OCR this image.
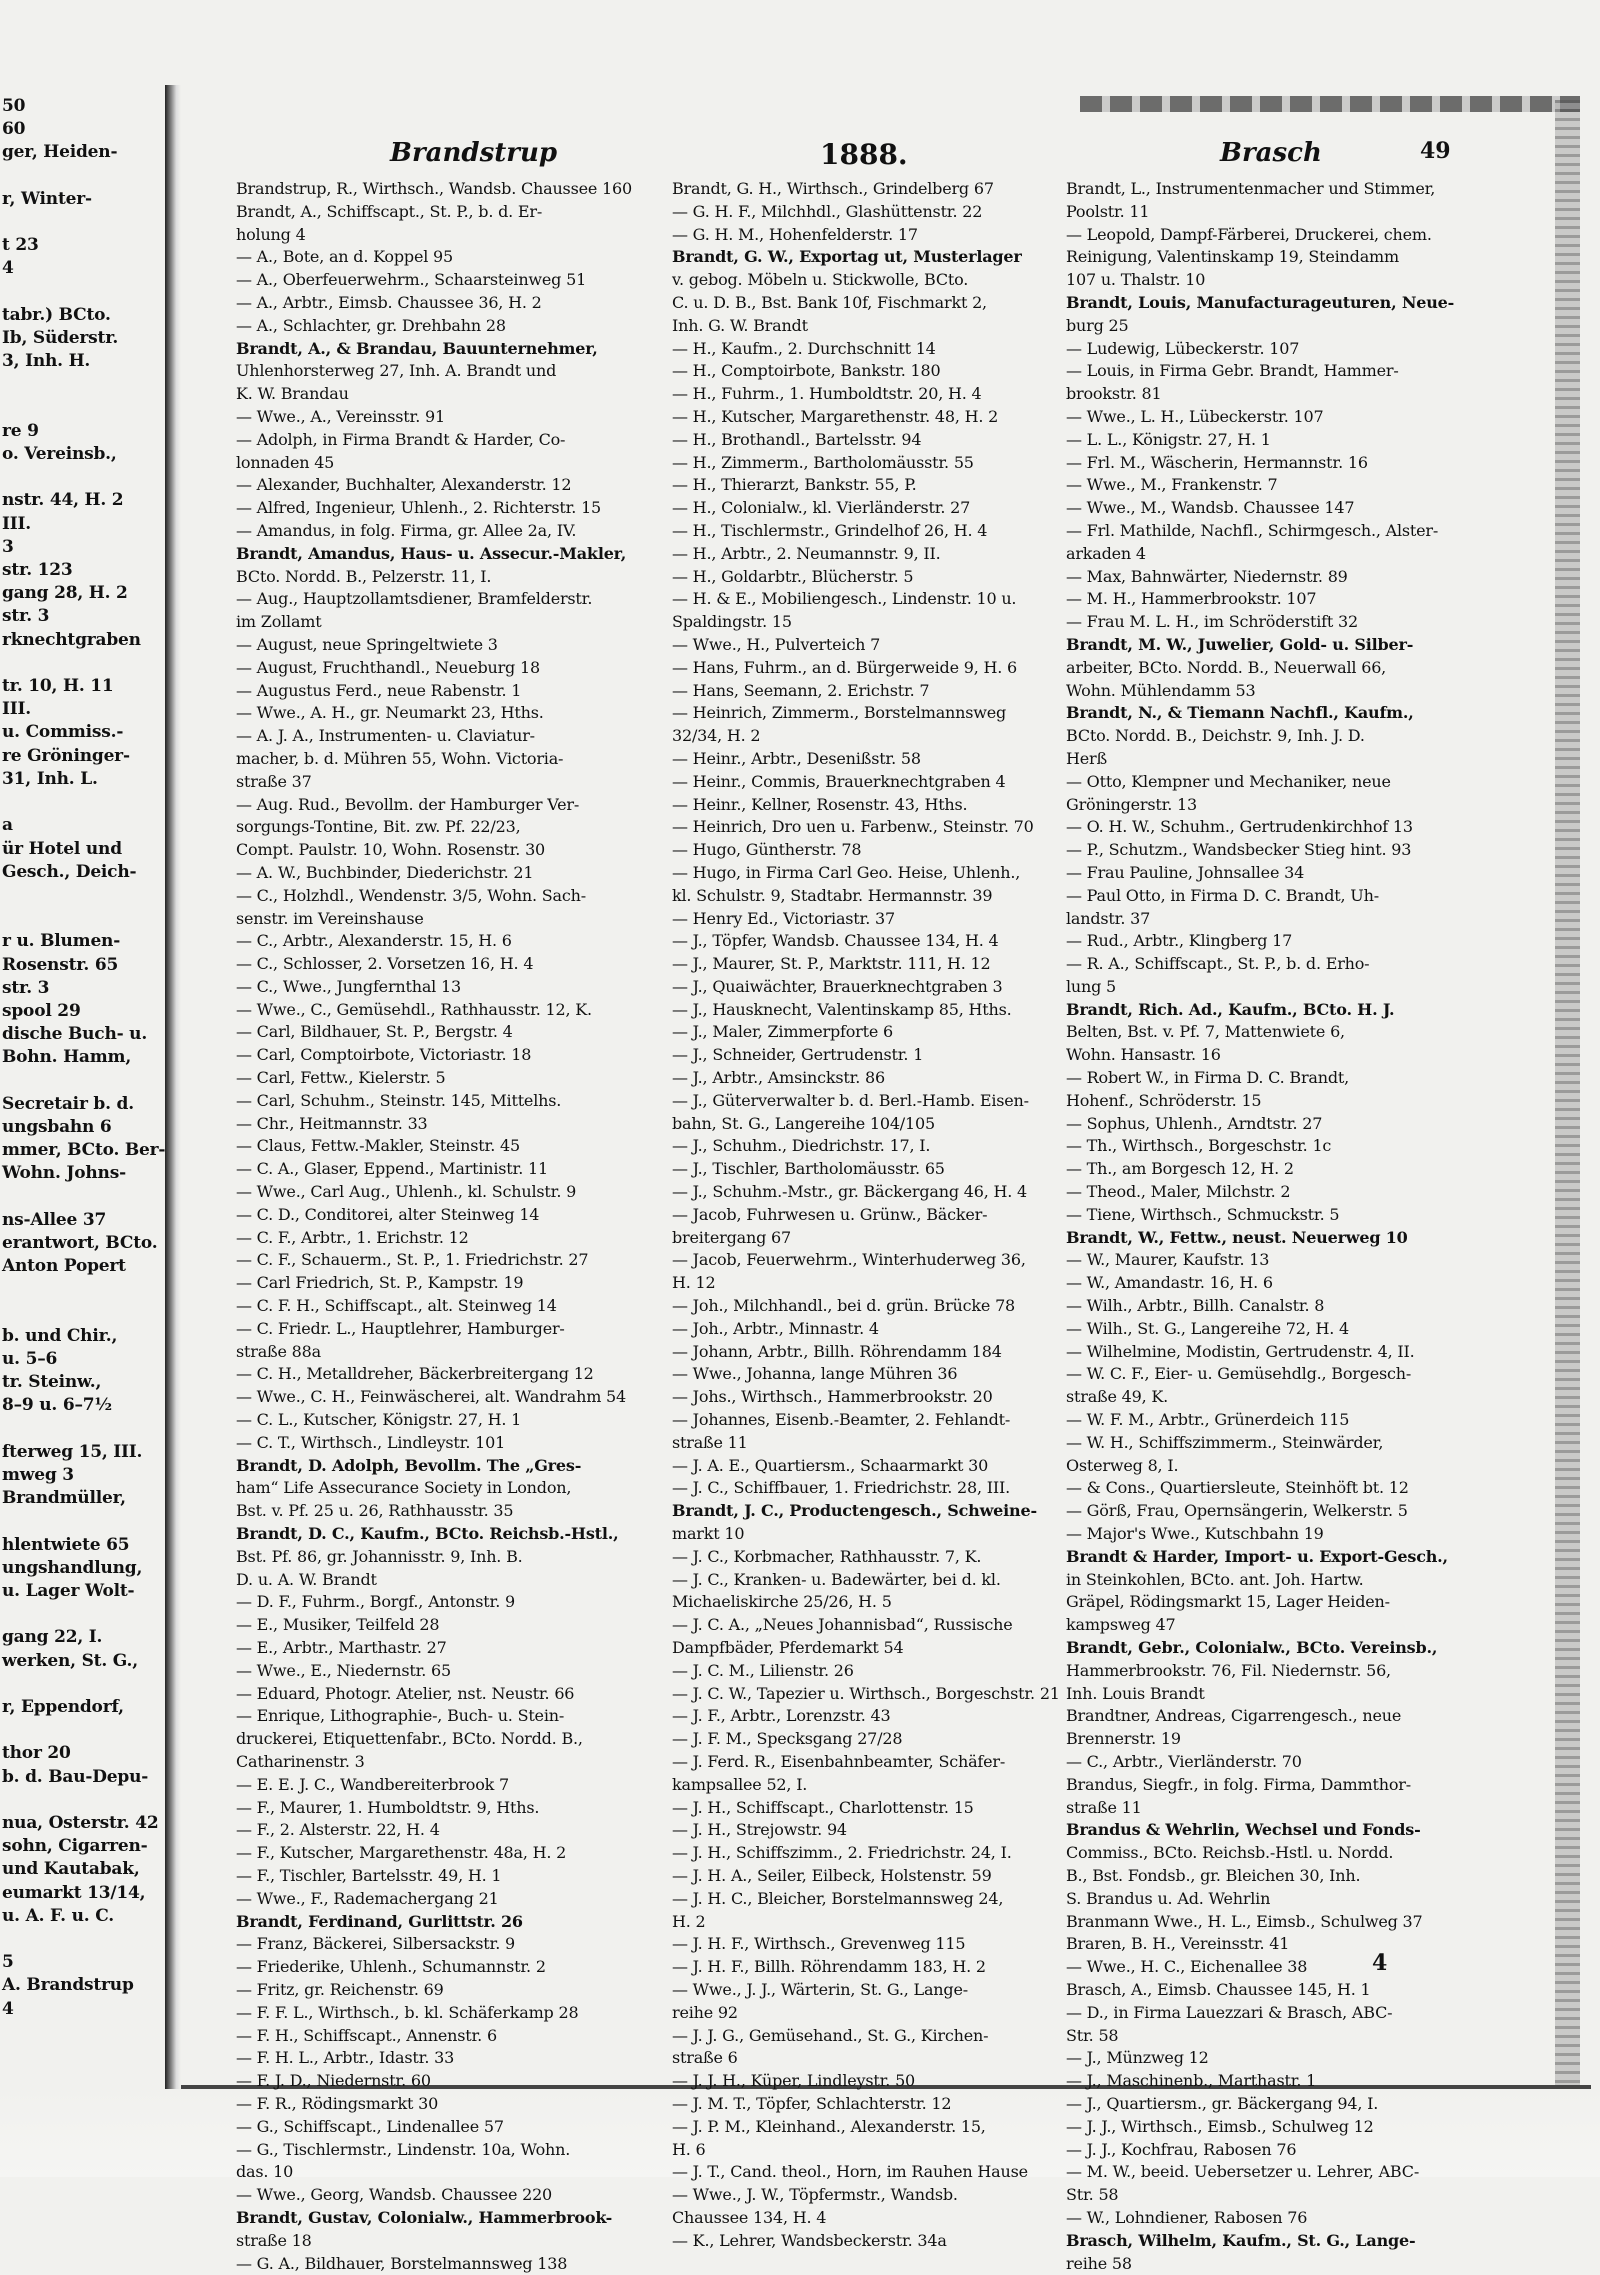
50
60
ger, Heiden-

r, Winter-

t 23
4

tabr.) BCto.
Ib, Süderstr.
3, Inh. H.

re 9
o. Vereinsb.,

nstr. 44, H. 2
III.
3
str. 123
gang 28, H. 2
str. 3
rknechtgraben

tr. 10, H. 11
III.
u. Commiss.-
re Gröninger-
31, Inh. L.

a
ür Hotel und
Gesch., Deich-

r u. Blumen-
Rosenstr. 65
str. 3
spool 29
dische Buch- u.
Bohn. Hamm,

Secretair b. d.
ungsbahn 6
mmer, BCto. Ber-
Wohn. Johns-

ns-Allee 37
erantwort, BCto.
Anton Popert

b. und Chir.,
u. 5–6
tr. Steinw.,
8–9 u. 6–7½

fterweg 15, III.
mweg 3
Brandmüller,

hlentwiete 65
ungshandlung,
u. Lager Wolt-

gang 22, I.
werken, St. G.,

r, Eppendorf,

thor 20
b. d. Bau-Depu-

nua, Osterstr. 42
sohn, Cigarren-
und Kautabak,
eumarkt 13/14,
u. A. F. u. C.

5
A. Brandstrup
4
Brandstrup	1888.	Brasch	49
Brandstrup, R., Wirthsch., Wandsb. Chaussee 160
Brandt, A., Schiffscapt., St. P., b. d. Er-
holung 4
— A., Bote, an d. Koppel 95
— A., Oberfeuerwehrm., Schaarsteinweg 51
— A., Arbtr., Eimsb. Chaussee 36, H. 2
— A., Schlachter, gr. Drehbahn 28
Brandt, A., & Brandau, Bauunternehmer,
Uhlenhorsterweg 27, Inh. A. Brandt und
K. W. Brandau
— Wwe., A., Vereinsstr. 91
— Adolph, in Firma Brandt & Harder, Co-
lonnaden 45
— Alexander, Buchhalter, Alexanderstr. 12
— Alfred, Ingenieur, Uhlenh., 2. Richterstr. 15
— Amandus, in folg. Firma, gr. Allee 2a, IV.
Brandt, Amandus, Haus- u. Assecur.-Makler,
BCto. Nordd. B., Pelzerstr. 11, I.
— Aug., Hauptzollamtsdiener, Bramfelderstr.
im Zollamt
— August, neue Springeltwiete 3
— August, Fruchthandl., Neueburg 18
— Augustus Ferd., neue Rabenstr. 1
— Wwe., A. H., gr. Neumarkt 23, Hths.
— A. J. A., Instrumenten- u. Claviatur-
macher, b. d. Mühren 55, Wohn. Victoria-
straße 37
— Aug. Rud., Bevollm. der Hamburger Ver-
sorgungs-Tontine, Bit. zw. Pf. 22/23,
Compt. Paulstr. 10, Wohn. Rosenstr. 30
— A. W., Buchbinder, Diederichstr. 21
— C., Holzhdl., Wendenstr. 3/5, Wohn. Sach-
senstr. im Vereinshause
— C., Arbtr., Alexanderstr. 15, H. 6
— C., Schlosser, 2. Vorsetzen 16, H. 4
— C., Wwe., Jungfernthal 13
— Wwe., C., Gemüsehdl., Rathhausstr. 12, K.
— Carl, Bildhauer, St. P., Bergstr. 4
— Carl, Comptoirbote, Victoriastr. 18
— Carl, Fettw., Kielerstr. 5
— Carl, Schuhm., Steinstr. 145, Mittelhs.
— Chr., Heitmannstr. 33
— Claus, Fettw.-Makler, Steinstr. 45
— C. A., Glaser, Eppend., Martinistr. 11
— Wwe., Carl Aug., Uhlenh., kl. Schulstr. 9
— C. D., Conditorei, alter Steinweg 14
— C. F., Arbtr., 1. Erichstr. 12
— C. F., Schauerm., St. P., 1. Friedrichstr. 27
— Carl Friedrich, St. P., Kampstr. 19
— C. F. H., Schiffscapt., alt. Steinweg 14
— C. Friedr. L., Hauptlehrer, Hamburger-
straße 88a
— C. H., Metalldreher, Bäckerbreitergang 12
— Wwe., C. H., Feinwäscherei, alt. Wandrahm 54
— C. L., Kutscher, Königstr. 27, H. 1
— C. T., Wirthsch., Lindleystr. 101
Brandt, D. Adolph, Bevollm. The „Gres-
ham“ Life Assecurance Society in London,
Bst. v. Pf. 25 u. 26, Rathhausstr. 35
Brandt, D. C., Kaufm., BCto. Reichsb.-Hstl.,
Bst. Pf. 86, gr. Johannisstr. 9, Inh. B.
D. u. A. W. Brandt
— D. F., Fuhrm., Borgf., Antonstr. 9
— E., Musiker, Teilfeld 28
— E., Arbtr., Marthastr. 27
— Wwe., E., Niedernstr. 65
— Eduard, Photogr. Atelier, nst. Neustr. 66
— Enrique, Lithographie-, Buch- u. Stein-
druckerei, Etiquettenfabr., BCto. Nordd. B.,
Catharinenstr. 3
— E. E. J. C., Wandbereiterbrook 7
— F., Maurer, 1. Humboldtstr. 9, Hths.
— F., 2. Alsterstr. 22, H. 4
— F., Kutscher, Margarethenstr. 48a, H. 2
— F., Tischler, Bartelsstr. 49, H. 1
— Wwe., F., Rademachergang 21
Brandt, Ferdinand, Gurlittstr. 26
— Franz, Bäckerei, Silbersackstr. 9
— Friederike, Uhlenh., Schumannstr. 2
— Fritz, gr. Reichenstr. 69
— F. F. L., Wirthsch., b. kl. Schäferkamp 28
— F. H., Schiffscapt., Annenstr. 6
— F. H. L., Arbtr., Idastr. 33
— F. J. D., Niedernstr. 60
— F. R., Rödingsmarkt 30
— G., Schiffscapt., Lindenallee 57
— G., Tischlermstr., Lindenstr. 10a, Wohn.
das. 10
— Wwe., Georg, Wandsb. Chaussee 220
Brandt, Gustav, Colonialw., Hammerbrook-
straße 18
— G. A., Bildhauer, Borstelmannsweg 138
Brandt, G. H., Wirthsch., Grindelberg 67
— G. H. F., Milchhdl., Glashüttenstr. 22
— G. H. M., Hohenfelderstr. 17
Brandt, G. W., Exportag ut, Musterlager
v. gebog. Möbeln u. Stickwolle, BCto.
C. u. D. B., Bst. Bank 10f, Fischmarkt 2,
Inh. G. W. Brandt
— H., Kaufm., 2. Durchschnitt 14
— H., Comptoirbote, Bankstr. 180
— H., Fuhrm., 1. Humboldtstr. 20, H. 4
— H., Kutscher, Margarethenstr. 48, H. 2
— H., Brothandl., Bartelsstr. 94
— H., Zimmerm., Bartholomäusstr. 55
— H., Thierarzt, Bankstr. 55, P.
— H., Colonialw., kl. Vierländerstr. 27
— H., Tischlermstr., Grindelhof 26, H. 4
— H., Arbtr., 2. Neumannstr. 9, II.
— H., Goldarbtr., Blücherstr. 5
— H. & E., Mobiliengesch., Lindenstr. 10 u.
Spaldingstr. 15
— Wwe., H., Pulverteich 7
— Hans, Fuhrm., an d. Bürgerweide 9, H. 6
— Hans, Seemann, 2. Erichstr. 7
— Heinrich, Zimmerm., Borstelmannsweg
32/34, H. 2
— Heinr., Arbtr., Desenißstr. 58
— Heinr., Commis, Brauerknechtgraben 4
— Heinr., Kellner, Rosenstr. 43, Hths.
— Heinrich, Dro uen u. Farbenw., Steinstr. 70
— Hugo, Güntherstr. 78
— Hugo, in Firma Carl Geo. Heise, Uhlenh.,
kl. Schulstr. 9, Stadtabr. Hermannstr. 39
— Henry Ed., Victoriastr. 37
— J., Töpfer, Wandsb. Chaussee 134, H. 4
— J., Maurer, St. P., Marktstr. 111, H. 12
— J., Quaiwächter, Brauerknechtgraben 3
— J., Hausknecht, Valentinskamp 85, Hths.
— J., Maler, Zimmerpforte 6
— J., Schneider, Gertrudenstr. 1
— J., Arbtr., Amsinckstr. 86
— J., Güterverwalter b. d. Berl.-Hamb. Eisen-
bahn, St. G., Langereihe 104/105
— J., Schuhm., Diedrichstr. 17, I.
— J., Tischler, Bartholomäusstr. 65
— J., Schuhm.-Mstr., gr. Bäckergang 46, H. 4
— Jacob, Fuhrwesen u. Grünw., Bäcker-
breitergang 67
— Jacob, Feuerwehrm., Winterhuderweg 36,
H. 12
— Joh., Milchhandl., bei d. grün. Brücke 78
— Joh., Arbtr., Minnastr. 4
— Johann, Arbtr., Billh. Röhrendamm 184
— Wwe., Johanna, lange Mühren 36
— Johs., Wirthsch., Hammerbrookstr. 20
— Johannes, Eisenb.-Beamter, 2. Fehlandt-
straße 11
— J. A. E., Quartiersm., Schaarmarkt 30
— J. C., Schiffbauer, 1. Friedrichstr. 28, III.
Brandt, J. C., Productengesch., Schweine-
markt 10
— J. C., Korbmacher, Rathhausstr. 7, K.
— J. C., Kranken- u. Badewärter, bei d. kl.
Michaeliskirche 25/26, H. 5
— J. C. A., „Neues Johannisbad“, Russische
Dampfbäder, Pferdemarkt 54
— J. C. M., Lilienstr. 26
— J. C. W., Tapezier u. Wirthsch., Borgeschstr. 21
— J. F., Arbtr., Lorenzstr. 43
— J. F. M., Specksgang 27/28
— J. Ferd. R., Eisenbahnbeamter, Schäfer-
kampsallee 52, I.
— J. H., Schiffscapt., Charlottenstr. 15
— J. H., Strejowstr. 94
— J. H., Schiffszimm., 2. Friedrichstr. 24, I.
— J. H. A., Seiler, Eilbeck, Holstenstr. 59
— J. H. C., Bleicher, Borstelmannsweg 24,
H. 2
— J. H. F., Wirthsch., Grevenweg 115
— J. H. F., Billh. Röhrendamm 183, H. 2
— Wwe., J. J., Wärterin, St. G., Lange-
reihe 92
— J. J. G., Gemüsehand., St. G., Kirchen-
straße 6
— J. J. H., Küper, Lindleystr. 50
— J. M. T., Töpfer, Schlachterstr. 12
— J. P. M., Kleinhand., Alexanderstr. 15,
H. 6
— J. T., Cand. theol., Horn, im Rauhen Hause
— Wwe., J. W., Töpfermstr., Wandsb.
Chaussee 134, H. 4
— K., Lehrer, Wandsbeckerstr. 34a
Brandt, L., Instrumentenmacher und Stimmer,
Poolstr. 11
— Leopold, Dampf-Färberei, Druckerei, chem.
Reinigung, Valentinskamp 19, Steindamm
107 u. Thalstr. 10
Brandt, Louis, Manufacturageuturen, Neue-
burg 25
— Ludewig, Lübeckerstr. 107
— Louis, in Firma Gebr. Brandt, Hammer-
brookstr. 81
— Wwe., L. H., Lübeckerstr. 107
— L. L., Königstr. 27, H. 1
— Frl. M., Wäscherin, Hermannstr. 16
— Wwe., M., Frankenstr. 7
— Wwe., M., Wandsb. Chaussee 147
— Frl. Mathilde, Nachfl., Schirmgesch., Alster-
arkaden 4
— Max, Bahnwärter, Niedernstr. 89
— M. H., Hammerbrookstr. 107
— Frau M. L. H., im Schröderstift 32
Brandt, M. W., Juwelier, Gold- u. Silber-
arbeiter, BCto. Nordd. B., Neuerwall 66,
Wohn. Mühlendamm 53
Brandt, N., & Tiemann Nachfl., Kaufm.,
BCto. Nordd. B., Deichstr. 9, Inh. J. D.
Herß
— Otto, Klempner und Mechaniker, neue
Gröningerstr. 13
— O. H. W., Schuhm., Gertrudenkirchhof 13
— P., Schutzm., Wandsbecker Stieg hint. 93
— Frau Pauline, Johnsallee 34
— Paul Otto, in Firma D. C. Brandt, Uh-
landstr. 37
— Rud., Arbtr., Klingberg 17
— R. A., Schiffscapt., St. P., b. d. Erho-
lung 5
Brandt, Rich. Ad., Kaufm., BCto. H. J.
Belten, Bst. v. Pf. 7, Mattenwiete 6,
Wohn. Hansastr. 16
— Robert W., in Firma D. C. Brandt,
Hohenf., Schröderstr. 15
— Sophus, Uhlenh., Arndtstr. 27
— Th., Wirthsch., Borgeschstr. 1c
— Th., am Borgesch 12, H. 2
— Theod., Maler, Milchstr. 2
— Tiene, Wirthsch., Schmuckstr. 5
Brandt, W., Fettw., neust. Neuerweg 10
— W., Maurer, Kaufstr. 13
— W., Amandastr. 16, H. 6
— Wilh., Arbtr., Billh. Canalstr. 8
— Wilh., St. G., Langereihe 72, H. 4
— Wilhelmine, Modistin, Gertrudenstr. 4, II.
— W. C. F., Eier- u. Gemüsehdlg., Borgesch-
straße 49, K.
— W. F. M., Arbtr., Grünerdeich 115
— W. H., Schiffszimmerm., Steinwärder,
Osterweg 8, I.
— & Cons., Quartiersleute, Steinhöft bt. 12
— Görß, Frau, Opernsängerin, Welkerstr. 5
— Major's Wwe., Kutschbahn 19
Brandt & Harder, Import- u. Export-Gesch.,
in Steinkohlen, BCto. ant. Joh. Hartw.
Gräpel, Rödingsmarkt 15, Lager Heiden-
kampsweg 47
Brandt, Gebr., Colonialw., BCto. Vereinsb.,
Hammerbrookstr. 76, Fil. Niedernstr. 56,
Inh. Louis Brandt
Brandtner, Andreas, Cigarrengesch., neue
Brennerstr. 19
— C., Arbtr., Vierländerstr. 70
Brandus, Siegfr., in folg. Firma, Dammthor-
straße 11
Brandus & Wehrlin, Wechsel und Fonds-
Commiss., BCto. Reichsb.-Hstl. u. Nordd.
B., Bst. Fondsb., gr. Bleichen 30, Inh.
S. Brandus u. Ad. Wehrlin
Branmann Wwe., H. L., Eimsb., Schulweg 37
Braren, B. H., Vereinsstr. 41
— Wwe., H. C., Eichenallee 38
Brasch, A., Eimsb. Chaussee 145, H. 1
— D., in Firma Lauezzari & Brasch, ABC-
Str. 58
— J., Münzweg 12
— J., Maschinenb., Marthastr. 1
— J., Quartiersm., gr. Bäckergang 94, I.
— J. J., Wirthsch., Eimsb., Schulweg 12
— J. J., Kochfrau, Rabosen 76
— M. W., beeid. Uebersetzer u. Lehrer, ABC-
Str. 58
— W., Lohndiener, Rabosen 76
Brasch, Wilhelm, Kaufm., St. G., Lange-
reihe 58
4
